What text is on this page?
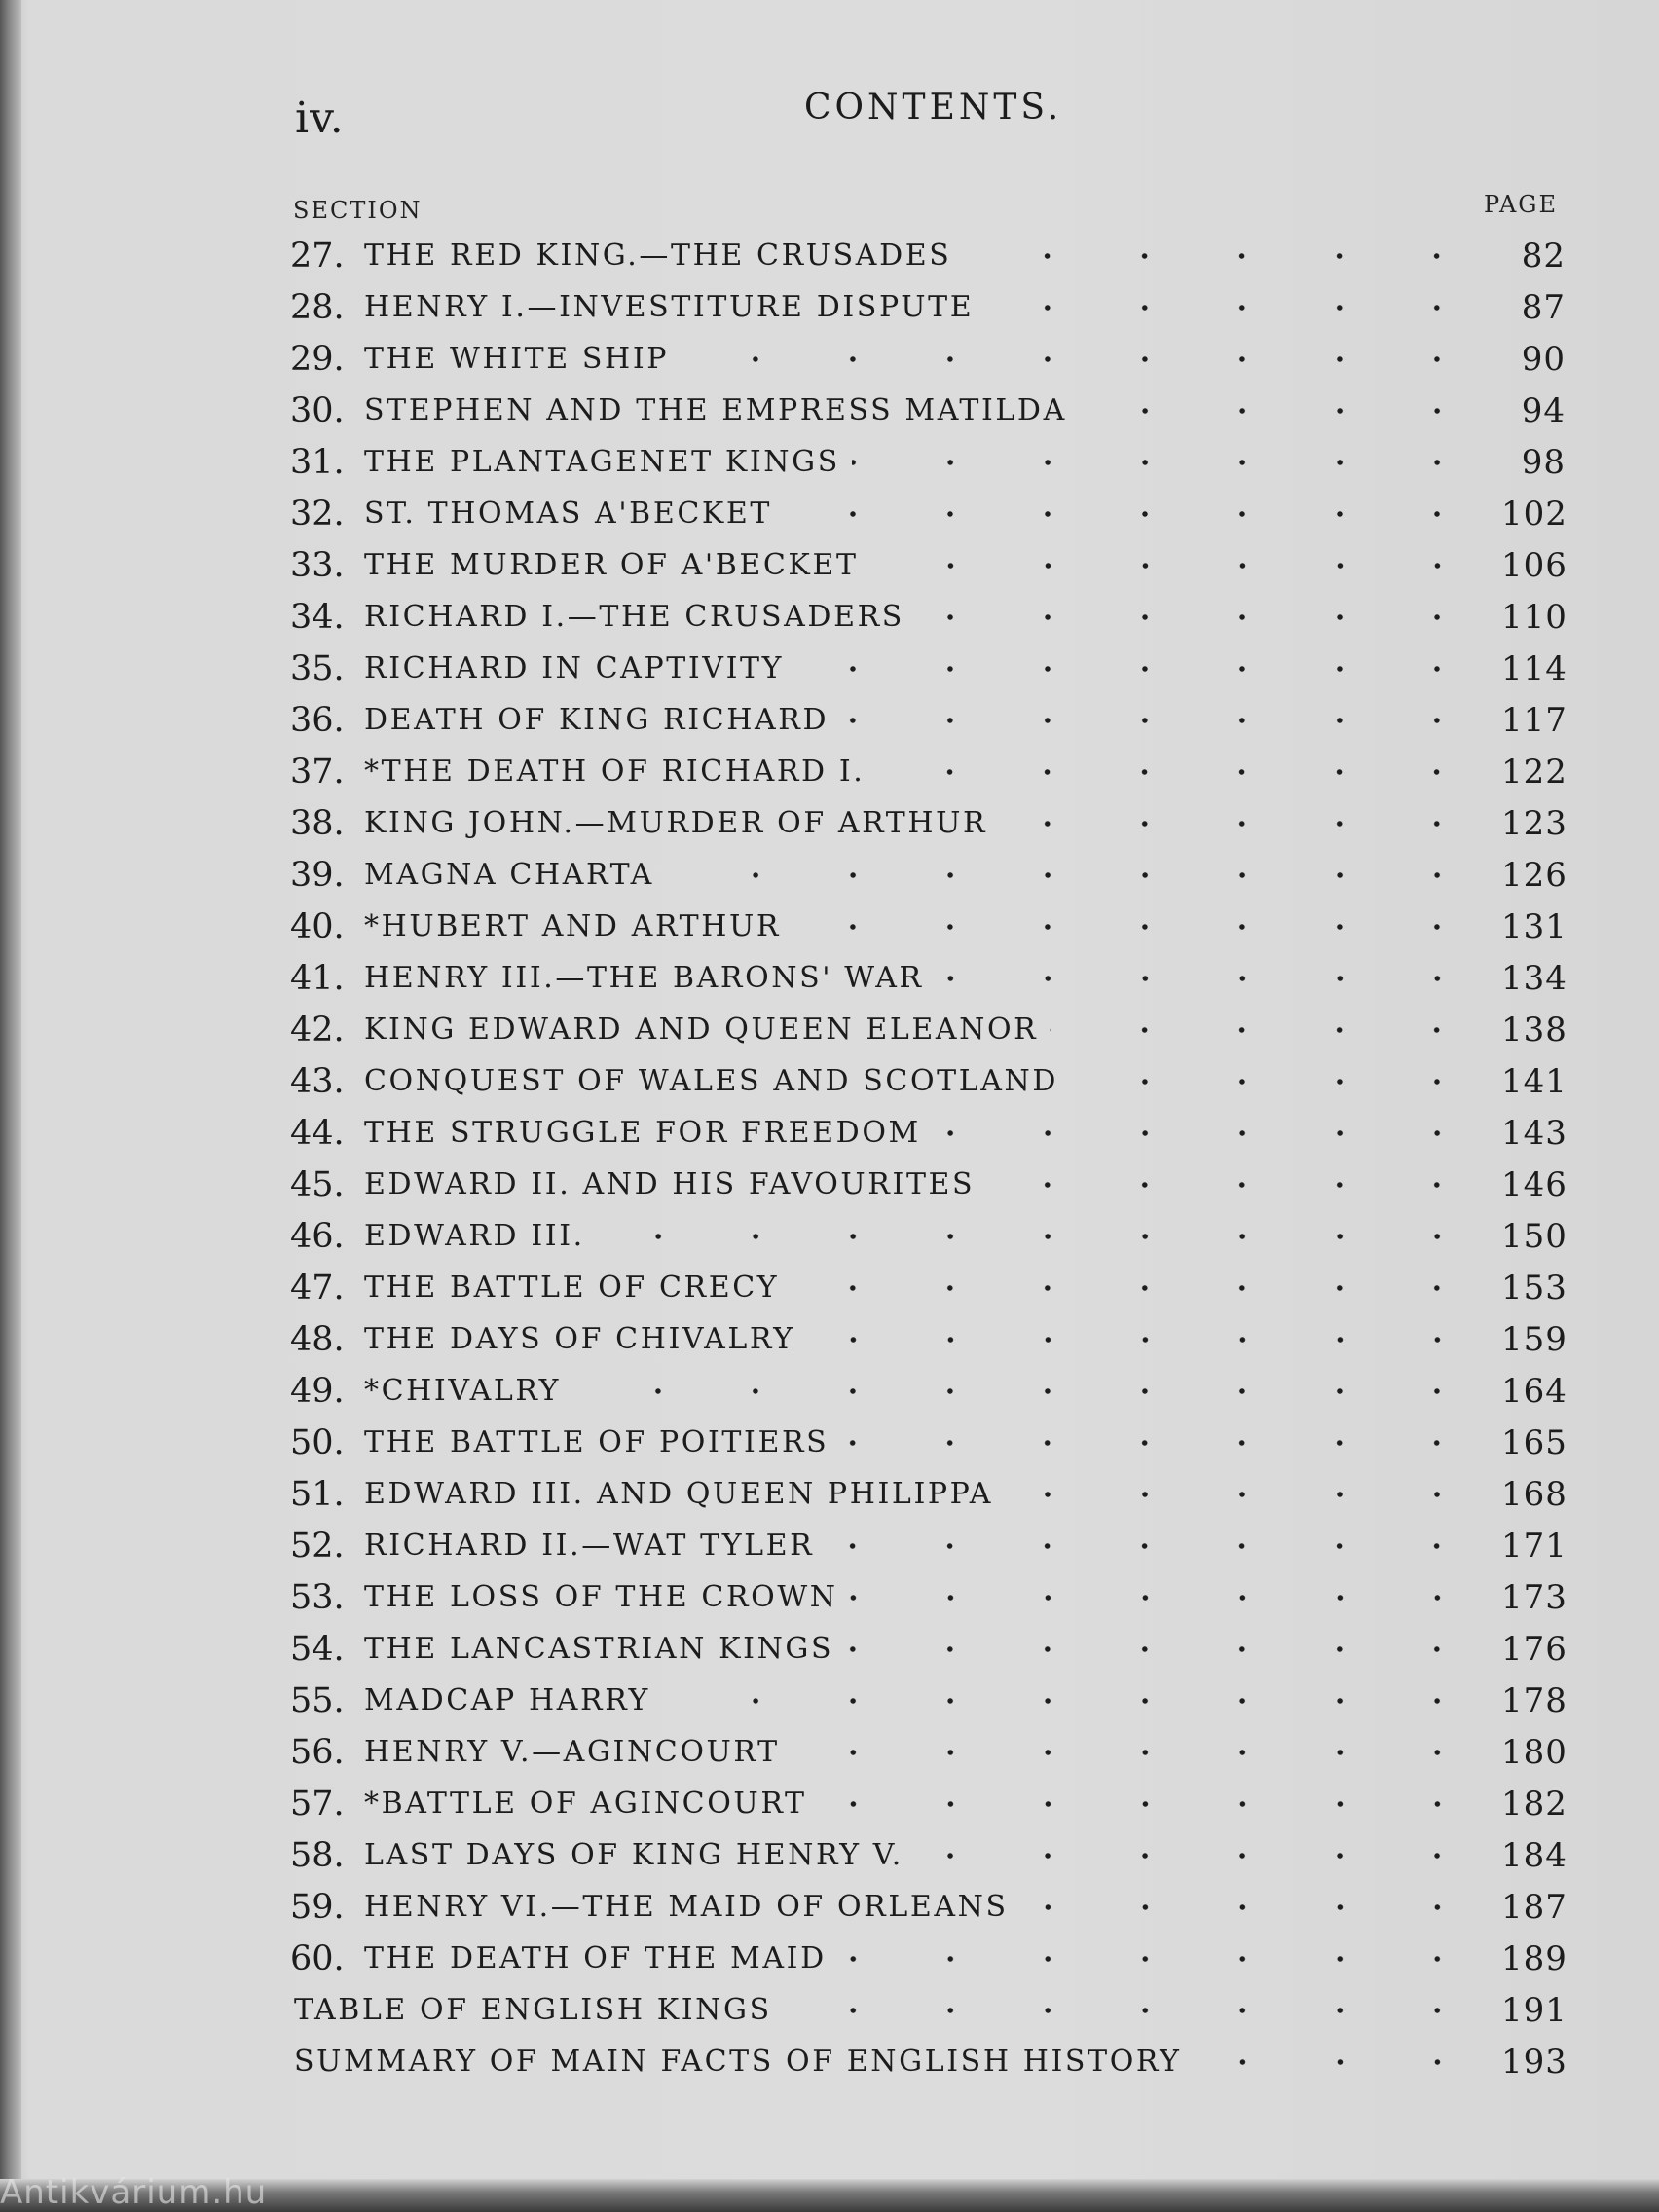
iv.	CONTENTS.
SECTION	PAGE
27. THE RED KING.—THE CRUSADES	82
28. HENRY I.—INVESTITURE DISPUTE	87
29. THE WHITE SHIP	90
30. STEPHEN AND THE EMPRESS MATILDA	94
31. THE PLANTAGENET KINGS	98
32. ST. THOMAS A'BECKET	102
33. THE MURDER OF A'BECKET	106
34. RICHARD I.—THE CRUSADERS	110
35. RICHARD IN CAPTIVITY	114
36. DEATH OF KING RICHARD	117
37. *THE DEATH OF RICHARD I.	122
38. KING JOHN.—MURDER OF ARTHUR	123
39. MAGNA CHARTA	126
40. *HUBERT AND ARTHUR	131
41. HENRY III.—THE BARONS' WAR	134
42. KING EDWARD AND QUEEN ELEANOR	138
43. CONQUEST OF WALES AND SCOTLAND	141
44. THE STRUGGLE FOR FREEDOM	143
45. EDWARD II. AND HIS FAVOURITES	146
46. EDWARD III.	150
47. THE BATTLE OF CRECY	153
48. THE DAYS OF CHIVALRY	159
49. *CHIVALRY	164
50. THE BATTLE OF POITIERS	165
51. EDWARD III. AND QUEEN PHILIPPA	168
52. RICHARD II.—WAT TYLER	171
53. THE LOSS OF THE CROWN	173
54. THE LANCASTRIAN KINGS	176
55. MADCAP HARRY	178
56. HENRY V.—AGINCOURT	180
57. *BATTLE OF AGINCOURT	182
58. LAST DAYS OF KING HENRY V.	184
59. HENRY VI.—THE MAID OF ORLEANS	187
60. THE DEATH OF THE MAID	189
TABLE OF ENGLISH KINGS	191
SUMMARY OF MAIN FACTS OF ENGLISH HISTORY	193
Antikvárium.hu
